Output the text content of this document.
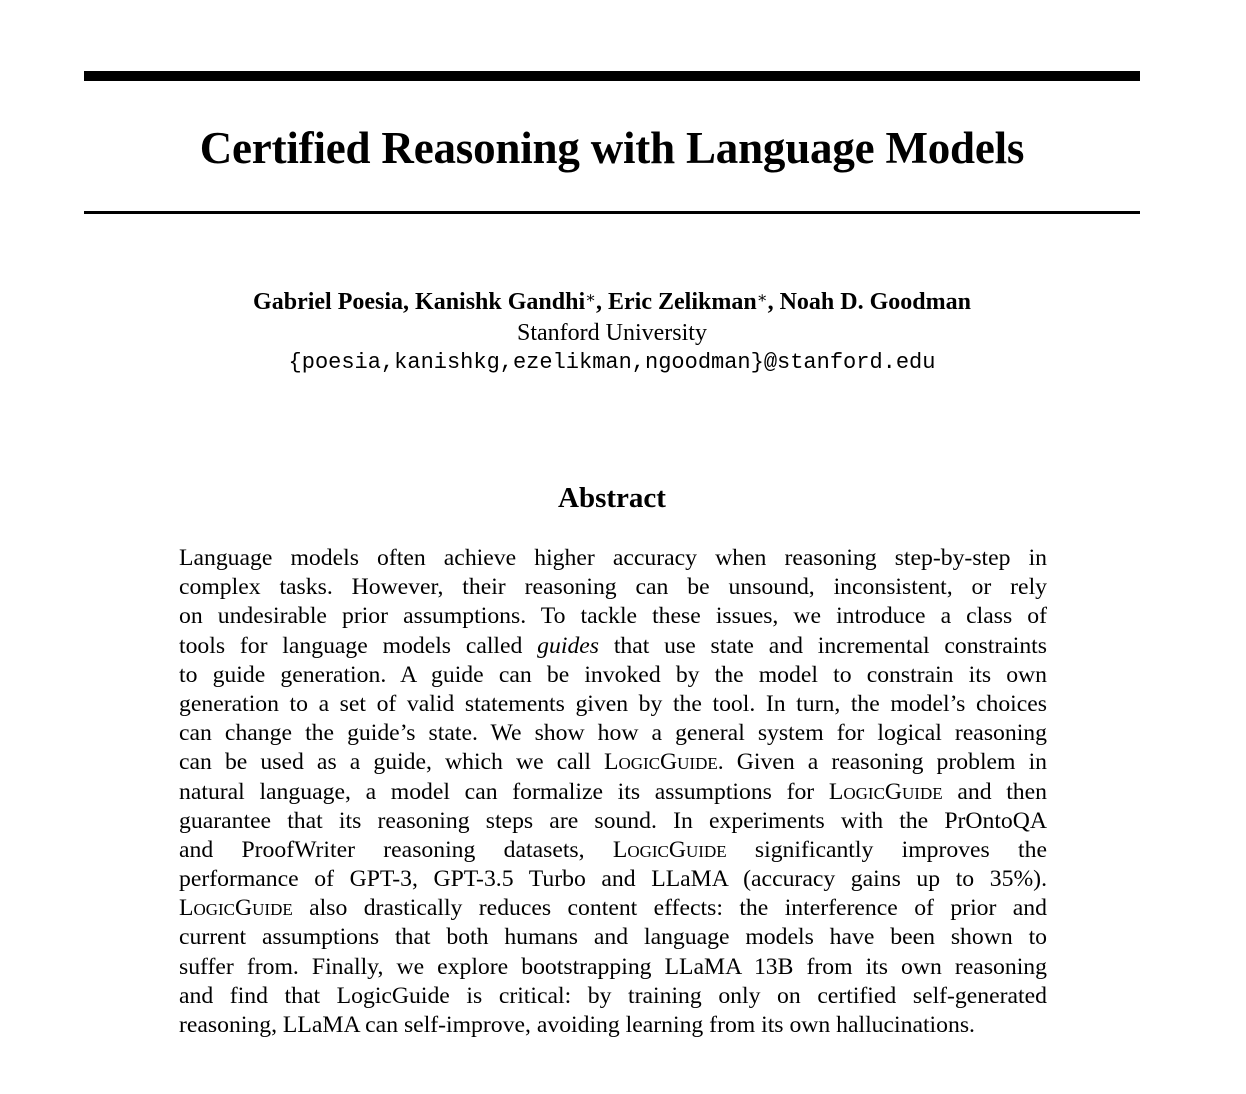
Certified Reasoning with Language Models

Gabriel Poesia, Kanishk Gandhi∗, Eric Zelikman∗, Noah D. Goodman

Stanford University

{poesia,kanishkg,ezelikman,ngoodman}@stanford.edu

Abstract
Language models often achieve higher accuracy when reasoning step-by-step in
complex tasks. However, their reasoning can be unsound, inconsistent, or rely
on undesirable prior assumptions. To tackle these issues, we introduce a class of
tools for language models called guides that use state and incremental constraints
to guide generation. A guide can be invoked by the model to constrain its own
generation to a set of valid statements given by the tool. In turn, the model’s choices
can change the guide’s state. We show how a general system for logical reasoning
can be used as a guide, which we call LogicGuide. Given a reasoning problem in
natural language, a model can formalize its assumptions for LogicGuide and then
guarantee that its reasoning steps are sound. In experiments with the PrOntoQA
and ProofWriter reasoning datasets, LogicGuide significantly improves the
performance of GPT-3, GPT-3.5 Turbo and LLaMA (accuracy gains up to 35%).
LogicGuide also drastically reduces content effects: the interference of prior and
current assumptions that both humans and language models have been shown to
suffer from. Finally, we explore bootstrapping LLaMA 13B from its own reasoning
and find that LogicGuide is critical: by training only on certified self-generated
reasoning, LLaMA can self-improve, avoiding learning from its own hallucinations.
